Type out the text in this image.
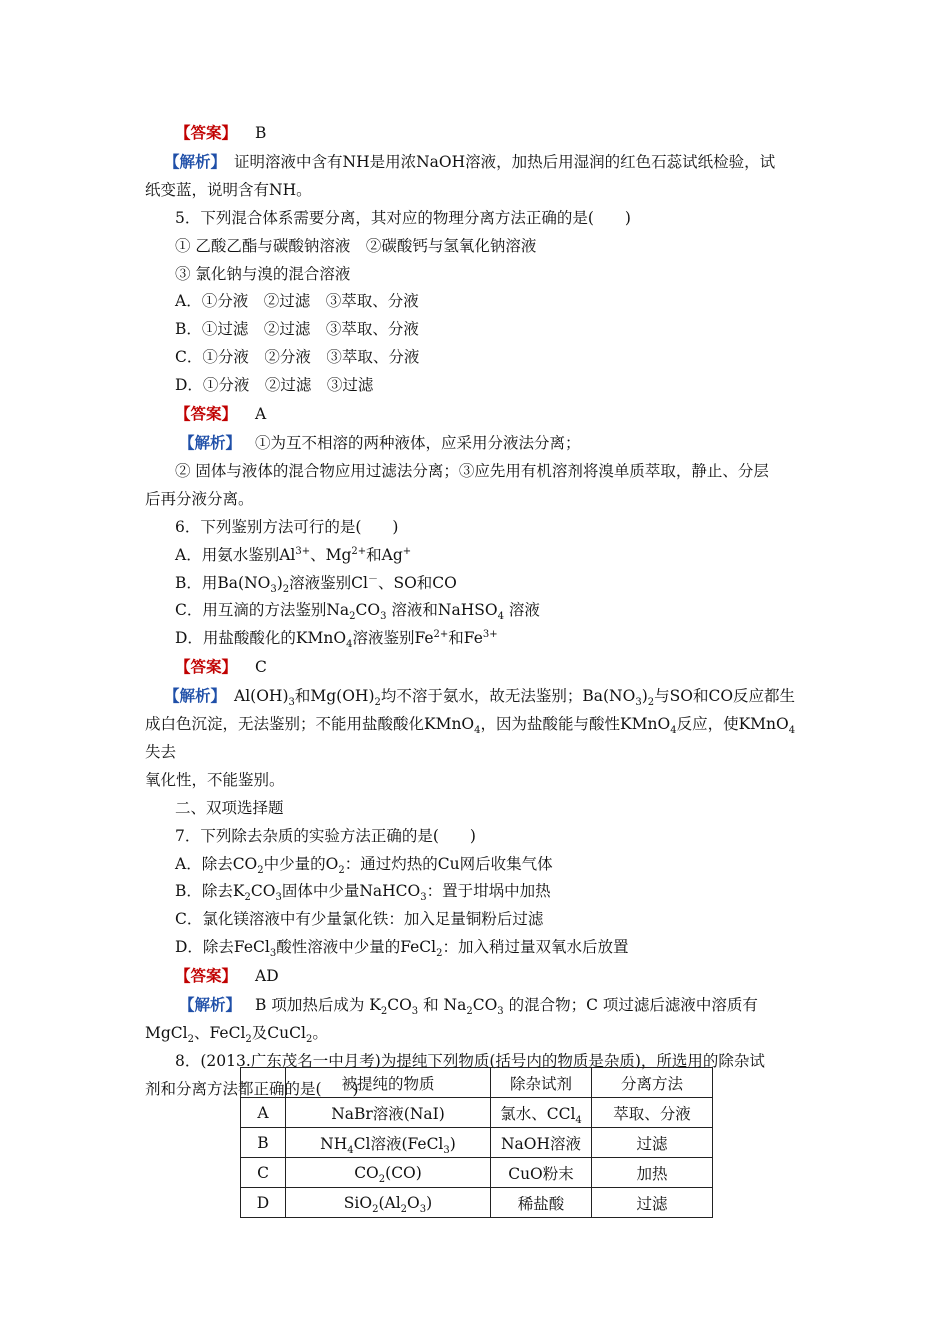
【答案】 B

【解析】 证明溶液中含有NH是用浓NaOH溶液，加热后用湿润的红色石蕊试纸检验，试

纸变蓝，说明含有NH。

5．下列混合体系需要分离，其对应的物理分离方法正确的是(　　)

① 乙酸乙酯与碳酸钠溶液　②碳酸钙与氢氧化钠溶液

③ 氯化钠与溴的混合溶液

A．①分液　②过滤　③萃取、分液

B．①过滤　②过滤　③萃取、分液

C．①分液　②分液　③萃取、分液

D．①分液　②过滤　③过滤

【答案】 A

【解析】 ①为互不相溶的两种液体，应采用分液法分离；

② 固体与液体的混合物应用过滤法分离；③应先用有机溶剂将溴单质萃取，静止、分层

后再分液分离。

6．下列鉴别方法可行的是(　　)

A．用氨水鉴别$Al^{3+}$、$Mg^{2+}$和Ag+

B．用$Ba(NO_3)_2$溶液鉴别Cl－、SO和CO

C．用互滴的方法鉴别$Na_2CO_3$ 溶液和NaHSO$_4$ 溶液

D．用盐酸酸化的KMnO$_4$溶液鉴别$Fe^{2+}$和$Fe^{3+}$

【答案】 C

【解析】 $Al(OH)_3$和$Mg(OH)_2$均不溶于氨水，故无法鉴别；$Ba(NO_3)_2$与SO和CO反应都生

成白色沉淀，无法鉴别；不能用盐酸酸化KMnO$_4$，因为盐酸能与酸性KMnO$_4$反应，使KMnO$_4$失去

氧化性，不能鉴别。

二、双项选择题

7．下列除去杂质的实验方法正确的是(　　)

A．除去$CO_2$中少量的$O_2$：通过灼热的Cu网后收集气体

B．除去$K_2CO_3$固体中少量NaHCO$_3$：置于坩埚中加热

C．氯化镁溶液中有少量氯化铁：加入足量铜粉后过滤

D．除去FeCl$_3$酸性溶液中少量的FeCl$_2$：加入稍过量双氧水后放置

【答案】 AD

【解析】 B 项加热后成为 $K_2CO_3$ 和 $Na_2CO_3$ 的混合物；C 项过滤后滤液中溶质有

MgCl$_2$、FeCl$_2$及CuCl$_2$。

8．(2013.广东茂名一中月考)为提纯下列物质(括号内的物质是杂质)，所选用的除杂试

剂和分离方法都正确的是(　　)

	被提纯的物质	除杂试剂	分离方法
A	NaBr溶液(NaI)	氯水、CCl$_4$	萃取、分液
B	$NH_4Cl$溶液(FeCl$_3$)	NaOH溶液	过滤
C	$CO_2(CO)$	CuO粉末	加热
D	$SiO_2(Al_2O_3)$	稀盐酸	过滤
